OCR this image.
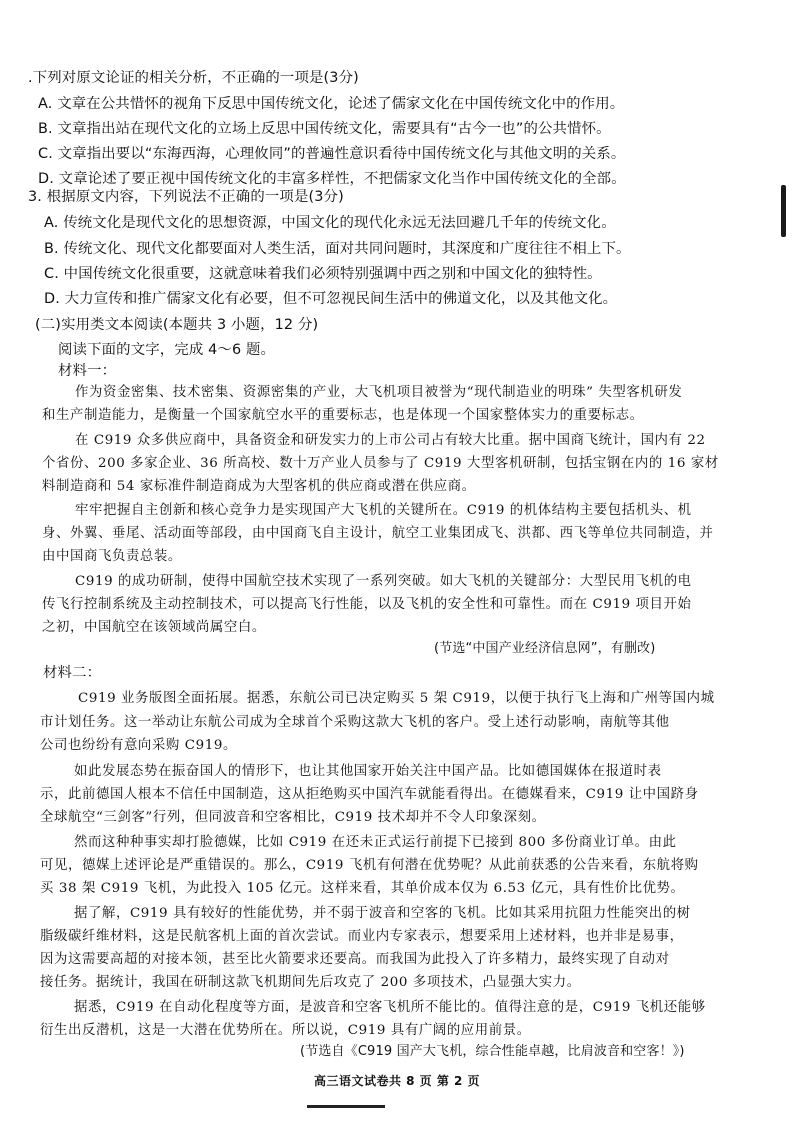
.下列对原文论证的相关分析，不正确的一项是(3分)
A. 文章在公共惜怀的视角下反思中国传统文化，论述了儒家文化在中国传统文化中的作用。
B. 文章指出站在现代文化的立场上反思中国传统文化，需要具有“古今一也”的公共惜怀。
C. 文章指出要以“东海西海，心理攸同”的普遍性意识看待中国传统文化与其他文明的关系。
D. 文章论述了要正视中国传统文化的丰富多样性，不把儒家文化当作中国传统文化的全部。
3. 根据原文内容，下列说法不正确的一项是(3分)
A. 传统文化是现代文化的思想资源，中国文化的现代化永远无法回避几千年的传统文化。
B. 传统文化、现代文化都要面对人类生活，面对共同问题时，其深度和广度往往不相上下。
C. 中国传统文化很重要，这就意味着我们必须特别强调中西之别和中国文化的独特性。
D. 大力宣传和推广儒家文化有必要，但不可忽视民间生活中的佛道文化，以及其他文化。
(二)实用类文本阅读(本题共 3 小题，12 分)
阅读下面的文字，完成 4～6 题。
材料一：
作为资金密集、技术密集、资源密集的产业，大飞机项目被誉为“现代制造业的明珠” 失型客机研发
和生产制造能力，是衡量一个国家航空水平的重要标志，也是体现一个国家整体实力的重要标志。
在 C919 众多供应商中，具备资金和研发实力的上市公司占有较大比重。据中国商飞统计，国内有 22
个省份、200 多家企业、36 所高校、数十万产业人员参与了 C919 大型客机研制，包括宝钢在内的 16 家材
料制造商和 54 家标准件制造商成为大型客机的供应商或潜在供应商。
牢牢把握自主创新和核心竞争力是实现国产大飞机的关键所在。C919 的机体结构主要包括机头、机
身、外翼、垂尾、活动面等部段，由中国商飞自主设计，航空工业集团成飞、洪都、西飞等单位共同制造，并
由中国商飞负责总装。
C919 的成功研制，使得中国航空技术实现了一系列突破。如大飞机的关键部分：大型民用飞机的电
传飞行控制系统及主动控制技术，可以提高飞行性能，以及飞机的安全性和可靠性。而在 C919 项目开始
之初，中国航空在该领域尚属空白。
(节选“中国产业经济信息网”，有删改)
材料二：
C919 业务版图全面拓展。据悉，东航公司已决定购买 5 架 C919，以便于执行飞上海和广州等国内城
市计划任务。这一举动让东航公司成为全球首个采购这款大飞机的客户。受上述行动影响，南航等其他
公司也纷纷有意向采购 C919。
如此发展态势在振奋国人的情形下，也让其他国家开始关注中国产品。比如德国媒体在报道时表
示，此前德国人根本不信任中国制造，这从拒绝购买中国汽车就能看得出。在德媒看来，C919 让中国跻身
全球航空“三剑客”行列，但同波音和空客相比，C919 技术却并不令人印象深刻。
然而这种种事实却打脸德媒，比如 C919 在还未正式运行前提下已接到 800 多份商业订单。由此
可见，德媒上述评论是严重错误的。那么，C919 飞机有何潜在优势呢？从此前获悉的公告来看，东航将购
买 38 架 C919 飞机，为此投入 105 亿元。这样来看，其单价成本仅为 6.53 亿元，具有性价比优势。
据了解，C919 具有较好的性能优势，并不弱于波音和空客的飞机。比如其采用抗阻力性能突出的树
脂级碳纤维材料，这是民航客机上面的首次尝试。而业内专家表示，想要采用上述材料，也并非是易事，
因为这需要高超的对接本领，甚至比火箭要求还要高。而我国为此投入了许多精力，最终实现了自动对
接任务。据统计，我国在研制这款飞机期间先后攻克了 200 多项技术，凸显强大实力。
据悉，C919 在自动化程度等方面，是波音和空客飞机所不能比的。值得注意的是，C919 飞机还能够
衍生出反潜机，这是一大潜在优势所在。所以说，C919 具有广阔的应用前景。
(节选自《C919 国产大飞机，综合性能卓越，比肩波音和空客！》)
高三语文试卷共 8 页 第 2 页
